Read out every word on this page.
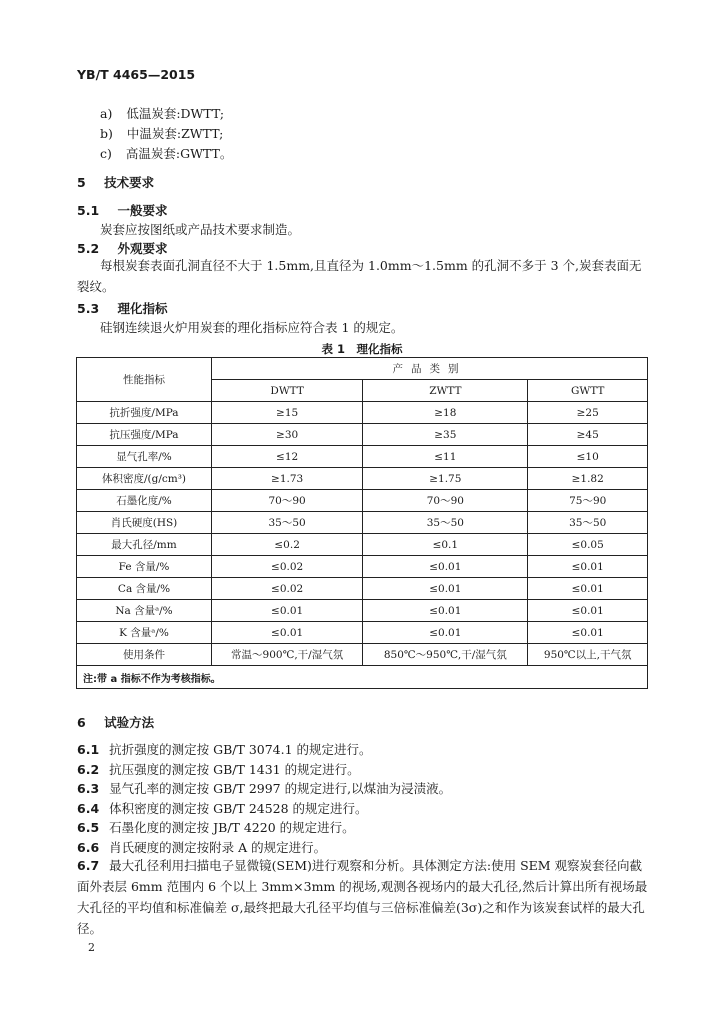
YB/T 4465—2015
a) 低温炭套:DWTT;
b) 中温炭套:ZWTT;
c) 高温炭套:GWTT。
5 技术要求
5.1 一般要求
炭套应按图纸或产品技术要求制造。
5.2 外观要求
每根炭套表面孔洞直径不大于 1.5mm,且直径为 1.0mm～1.5mm 的孔洞不多于 3 个,炭套表面无裂纹。
5.3 理化指标
硅钢连续退火炉用炭套的理化指标应符合表 1 的规定。
表 1　理化指标
性能指标	产品类别		
	DWTT	ZWTT	GWTT
抗折强度/MPa	≥15	≥18	≥25
抗压强度/MPa	≥30	≥35	≥45
显气孔率/%	≤12	≤11	≤10
体积密度/(g/cm³)	≥1.73	≥1.75	≥1.82
石墨化度/%	70～90	70～90	75～90
肖氏硬度(HS)	35～50	35～50	35～50
最大孔径/mm	≤0.2	≤0.1	≤0.05
Fe 含量/%	≤0.02	≤0.01	≤0.01
Ca 含量/%	≤0.02	≤0.01	≤0.01
Na 含量ᵃ/%	≤0.01	≤0.01	≤0.01
K 含量ᵃ/%	≤0.01	≤0.01	≤0.01
使用条件	常温～900℃,干/湿气氛	850℃～950℃,干/湿气氛	950℃以上,干气氛
注:带 a 指标不作为考核指标。			
6 试验方法
6.1 抗折强度的测定按 GB/T 3074.1 的规定进行。
6.2 抗压强度的测定按 GB/T 1431 的规定进行。
6.3 显气孔率的测定按 GB/T 2997 的规定进行,以煤油为浸渍液。
6.4 体积密度的测定按 GB/T 24528 的规定进行。
6.5 石墨化度的测定按 JB/T 4220 的规定进行。
6.6 肖氏硬度的测定按附录 A 的规定进行。
6.7 最大孔径利用扫描电子显微镜(SEM)进行观察和分析。具体测定方法:使用 SEM 观察炭套径向截面外表层 6mm 范围内 6 个以上 3mm×3mm 的视场,观测各视场内的最大孔径,然后计算出所有视场最大孔径的平均值和标准偏差 σ,最终把最大孔径平均值与三倍标准偏差(3σ)之和作为该炭套试样的最大孔径。
2
